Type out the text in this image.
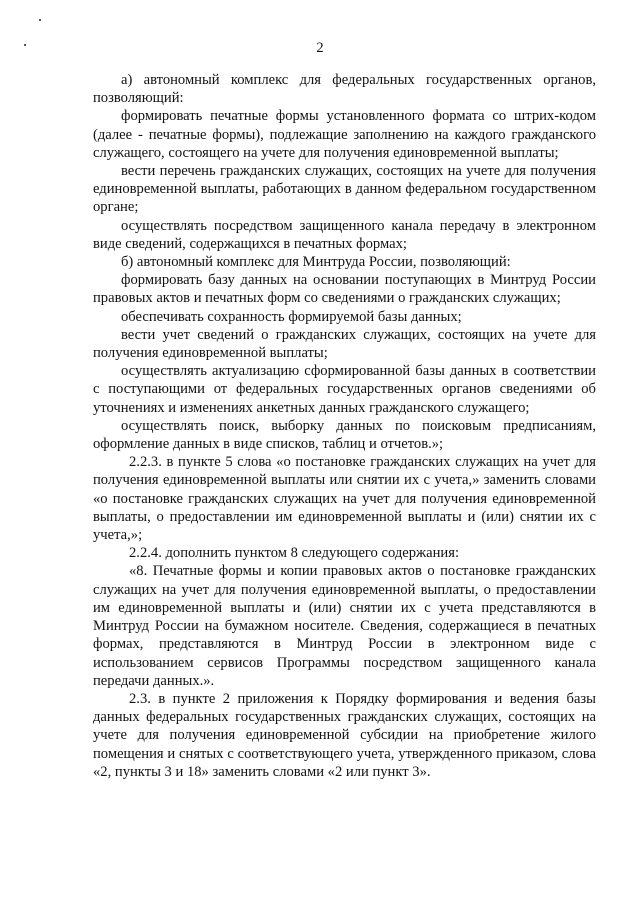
2

а) автономный комплекс для федеральных государственных органов, позволяющий:

формировать печатные формы установленного формата со штрих-кодом (далее - печатные формы), подлежащие заполнению на каждого гражданского служащего, состоящего на учете для получения единовременной выплаты;

вести перечень гражданских служащих, состоящих на учете для получения единовременной выплаты, работающих в данном федеральном государственном органе;

осуществлять посредством защищенного канала передачу в электронном виде сведений, содержащихся в печатных формах;

б) автономный комплекс для Минтруда России, позволяющий:

формировать базу данных на основании поступающих в Минтруд России правовых актов и печатных форм со сведениями о гражданских служащих;

обеспечивать сохранность формируемой базы данных;

вести учет сведений о гражданских служащих, состоящих на учете для получения единовременной выплаты;

осуществлять актуализацию сформированной базы данных в соответствии с поступающими от федеральных государственных органов сведениями об уточнениях и изменениях анкетных данных гражданского служащего;

осуществлять поиск, выборку данных по поисковым предписаниям, оформление данных в виде списков, таблиц и отчетов.»;

2.2.3. в пункте 5 слова «о постановке гражданских служащих на учет для получения единовременной выплаты или снятии их с учета,» заменить словами «о постановке гражданских служащих на учет для получения единовременной выплаты, о предоставлении им единовременной выплаты и (или) снятии их с учета,»;

2.2.4. дополнить пунктом 8 следующего содержания:

«8. Печатные формы и копии правовых актов о постановке гражданских служащих на учет для получения единовременной выплаты, о предоставлении им единовременной выплаты и (или) снятии их с учета представляются в Минтруд России на бумажном носителе. Сведения, содержащиеся в печатных формах, представляются в Минтруд России в электронном виде с использованием сервисов Программы посредством защищенного канала передачи данных.».

2.3. в пункте 2 приложения к Порядку формирования и ведения базы данных федеральных государственных гражданских служащих, состоящих на учете для получения единовременной субсидии на приобретение жилого помещения и снятых с соответствующего учета, утвержденного приказом, слова «2, пункты 3 и 18» заменить словами «2 или пункт 3».
